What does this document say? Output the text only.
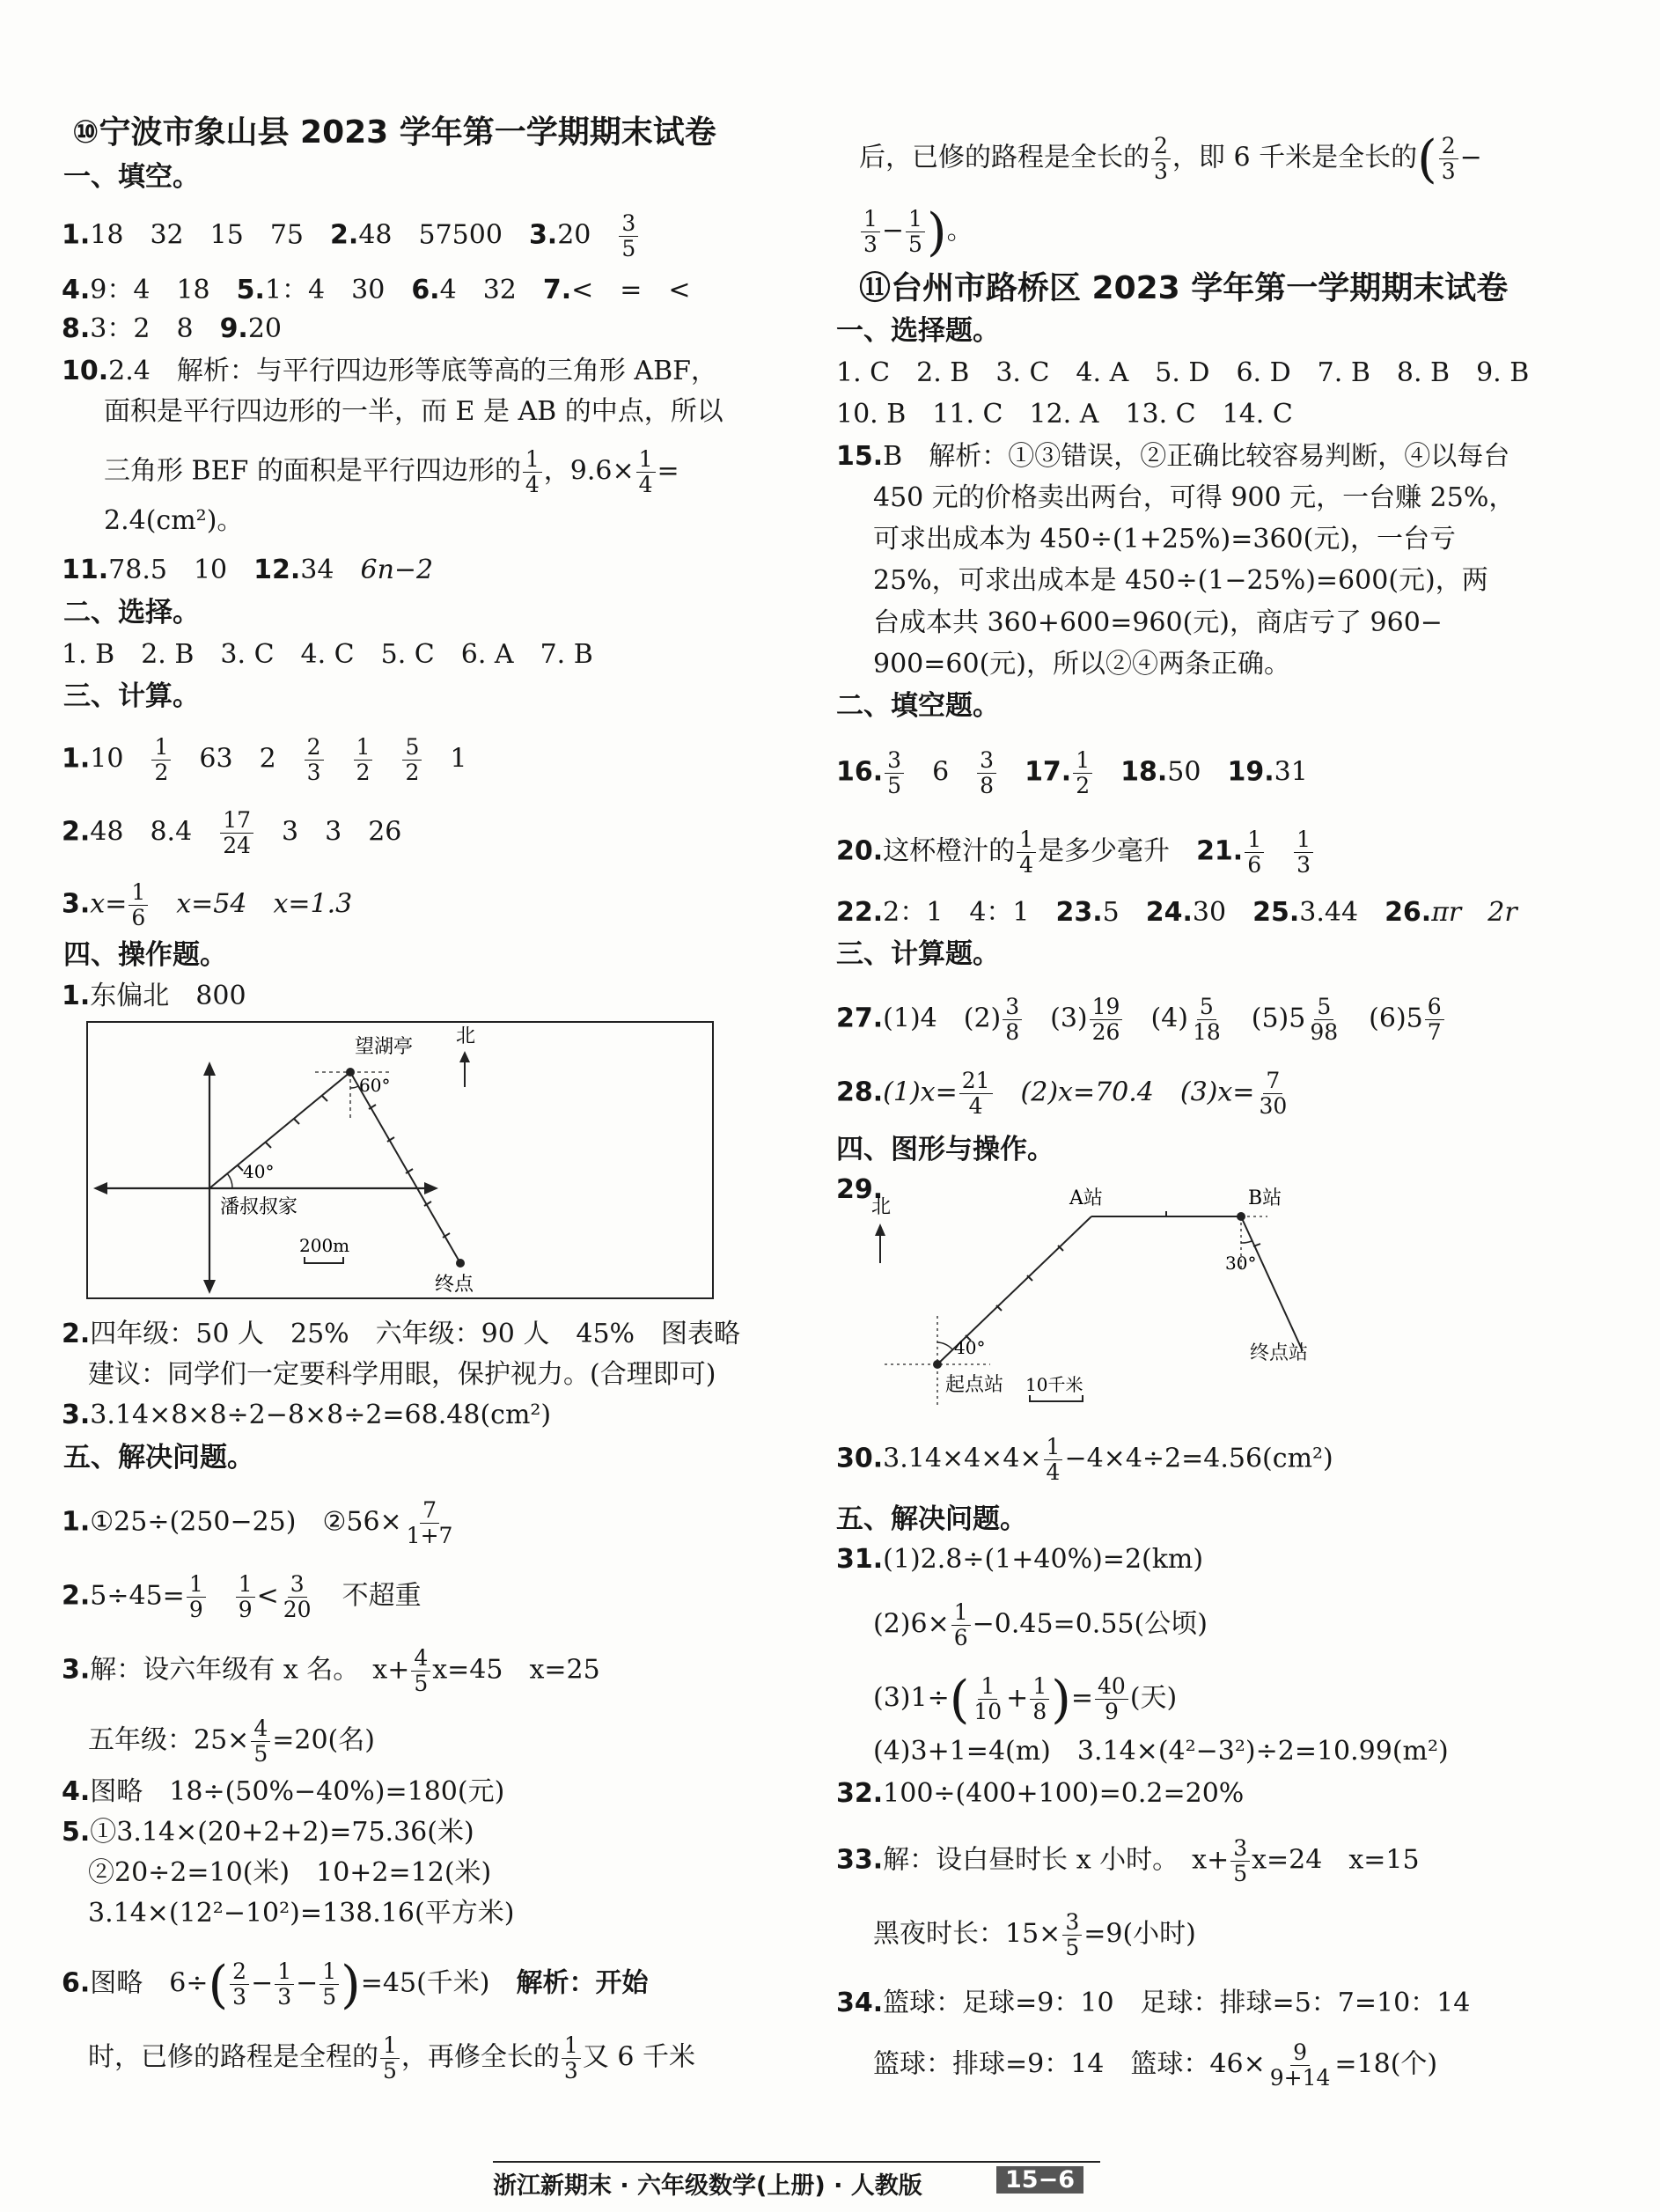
⑩宁波市象山县 2023 学年第一学期期末试卷
一、填空。
1.18　 32　 15　 75　 2.48　 57500　 3.20　 $\frac{3}{5}$
4.9：4　 18　 5.1：4　 30　 6.4　 32　 7.<　=　<
8.3：2　 8　 9.20
10.2.4　 解析：与平行四边形等底等高的三角形 ABF，
面积是平行四边形的一半，而 E 是 AB 的中点，所以
三角形 BEF 的面积是平行四边形的 $\frac{1}{4}$ ，$9.6\times \frac{1}{4}$ =
2.4(cm²)。
11.78.5　 10　 12.34　 6n−2
二、选择。
1. B　2. B　3. C　4. C　5. C　6. A　7. B
三、计算。
1.10　 $\frac{1}{2}$
　 63　 2　 $\frac{2}{3}$
　 $\frac{1}{2}$
　 $\frac{5}{2}$
　 1
2.48　 8.4　 $\frac{17}{24}$
　 3　 3　 26
$3.x= \frac{1}{6}$
　 x=54　 x=1.3
四、操作题。
1.东偏北　 800
望湖亭 北
60°
40°
潘叔叔家
200m
终点
2.四年级：50 人　25%　六年级：90 人　45%　图表略
建议：同学们一定要科学用眼，保护视力。(合理即可)
3.3.14×8×8÷2−8×8÷2=68.48(cm²)
五、解决问题。
1.①25÷(250−25)　②56× $\frac{7}{1+7}$
$2.5\div 45= \frac{1}{9}$
　 $\frac{1}{9} < \frac{3}{20}$
　 不超重
3.解：设六年级有 x 名。　$x+ \frac{4}{5} x=45$　x=25
五年级：$25\times \frac{4}{5} =20$(名)
4.图略　18÷(50%−40%)=180(元)
5.①3.14×(20+2+2)=75.36(米)
②20÷2=10(米)　10+2=12(米)
3.14×(12²−10²)=138.16(平方米)
6.图略　$6\div( \frac{2}{3} - \frac{1}{3} - \frac{1}{5} )=45$(千米)　 解析：开始
时，已修的路程是全程的 $\frac{1}{5}$ ，再修全长的 $\frac{1}{3}$ 又 6 千米
后，已修的路程是全长的 $\frac{2}{3}$ ，即 6 千米是全长的( $\frac{2}{3}$ −
$\frac{1}{3} - \frac{1}{5}$ )。
⑪台州市路桥区 2023 学年第一学期期末试卷
一、选择题。
1. C　2. B　3. C　4. A　5. D　6. D　7. B　8. B　9. B
10. B　11. C　12. A　13. C　14. C
15.B　解析：①③错误，②正确比较容易判断，④以每台
450 元的价格卖出两台，可得 900 元，一台赚 25%，
可求出成本为 450÷(1+25%)=360(元)，一台亏
25%，可求出成本是 450÷(1−25%)=600(元)，两
台成本共 360+600=960(元)，商店亏了 960−
900=60(元)，所以②④两条正确。
二、填空题。
16. $\frac{3}{5}$
　 6　 $\frac{3}{8}$
　 17. $\frac{1}{2}$
　 18.50　 19.31
20.这杯橙汁的 $\frac{1}{4}$ 是多少毫升　 21. $\frac{1}{6}$
　 $\frac{1}{3}$
22.2：1　4：1　 23.5　 24.30　 25.3.44　 26.πr　2r
三、计算题。
27.(1)4　$(2) \frac{3}{8}$
　 $(3) \frac{19}{26}$
　 $(4) \frac{5}{18}$
　 $(5)5 \frac{5}{98}$
　 $(6)5 \frac{6}{7}$
$28.(1)x= \frac{21}{4}$
　 (2)x=70.4　$(3)x= \frac{7}{30}$
四、图形与操作。
29.
北	A站	B站
30°
40°
起点站 10千米
终点站
$30.3.14\times 4\times 4\times \frac{1}{4} -4\times 4\div 2=4.56(cm^2)$
五、解决问题。
31.(1)2.8÷(1+40%)=2(km)
$(2)6\times \frac{1}{6} -0.45=0.55$(公顷)
$(3)1\div( \frac{1}{10} + \frac{1}{8}$ )= $\frac{40}{9}$ (天)
(4)3+1=4(m)　3.14×(4²−3²)÷2=10.99(m²)
32.100÷(400+100)=0.2=20%
33.解：设白昼时长 x 小时。　$x+ \frac{3}{5} x=24$　x=15
黑夜时长：$15\times \frac{3}{5} =9$(小时)
34.篮球：足球=9：10　足球：排球=5：7=10：14
篮球：排球=9：14　篮球：$46\times \frac{9}{9+14} =18$(个)
浙江新期末 · 六年级数学(上册) · 人教版	15−6
